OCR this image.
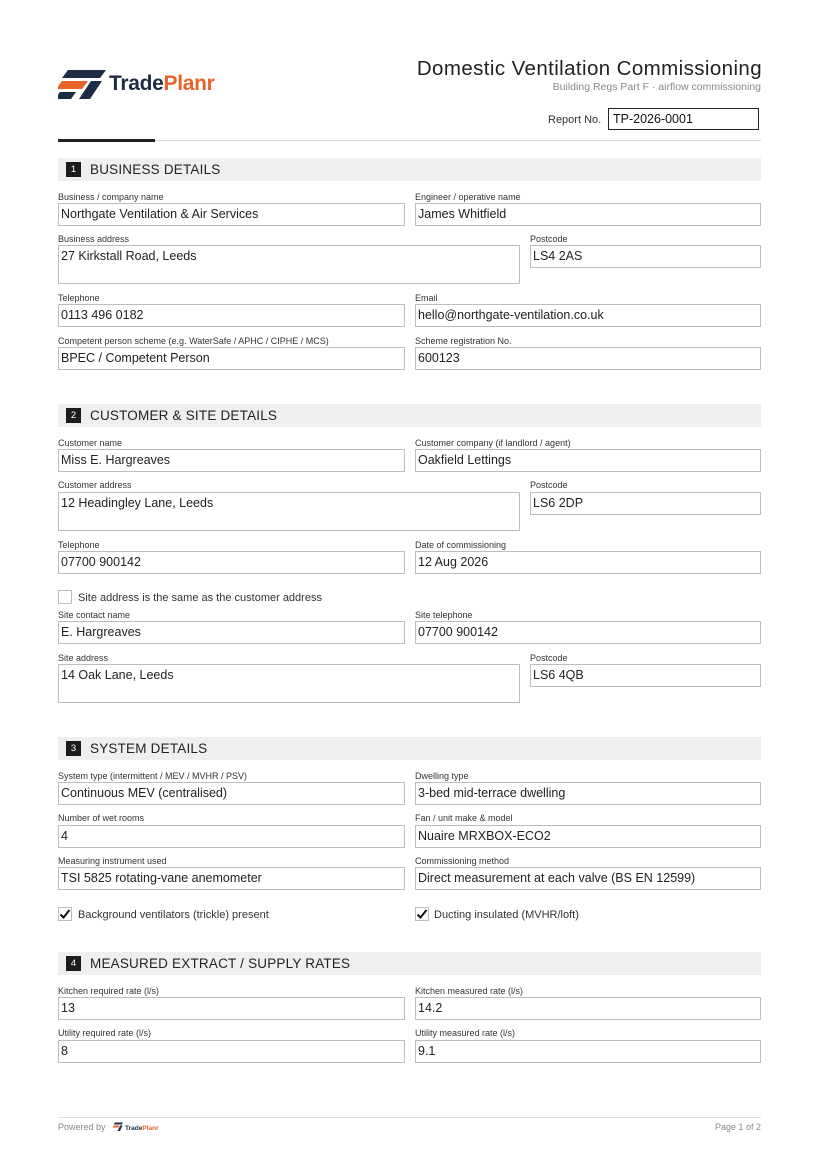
TradePlanr
Domestic Ventilation Commissioning
Building Regs Part F · airflow commissioning
Report No. TP-2026-0001
1	BUSINESS DETAILS
Business / company name
Northgate Ventilation & Air Services
Engineer / operative name
James Whitfield
Business address
27 Kirkstall Road, Leeds
Postcode
LS4 2AS
Telephone
0113 496 0182
Email
hello@northgate-ventilation.co.uk
Competent person scheme (e.g. WaterSafe / APHC / CIPHE / MCS)
BPEC / Competent Person
Scheme registration No.
600123
2	CUSTOMER & SITE DETAILS
Customer name
Miss E. Hargreaves
Customer company (if landlord / agent)
Oakfield Lettings
Customer address
12 Headingley Lane, Leeds
Postcode
LS6 2DP
Telephone
07700 900142
Date of commissioning
12 Aug 2026
Site address is the same as the customer address
Site contact name
E. Hargreaves
Site telephone
07700 900142
Site address
14 Oak Lane, Leeds
Postcode
LS6 4QB
3	SYSTEM DETAILS
System type (intermittent / MEV / MVHR / PSV)
Continuous MEV (centralised)
Dwelling type
3-bed mid-terrace dwelling
Number of wet rooms
4
Fan / unit make & model
Nuaire MRXBOX-ECO2
Measuring instrument used
TSI 5825 rotating-vane anemometer
Commissioning method
Direct measurement at each valve (BS EN 12599)
Background ventilators (trickle) present	Ducting insulated (MVHR/loft)
4	MEASURED EXTRACT / SUPPLY RATES
Kitchen required rate (l/s)
13
Kitchen measured rate (l/s)
14.2
Utility required rate (l/s)
8
Utility measured rate (l/s)
9.1
Powered by	TradePlanr	Page 1 of 2
